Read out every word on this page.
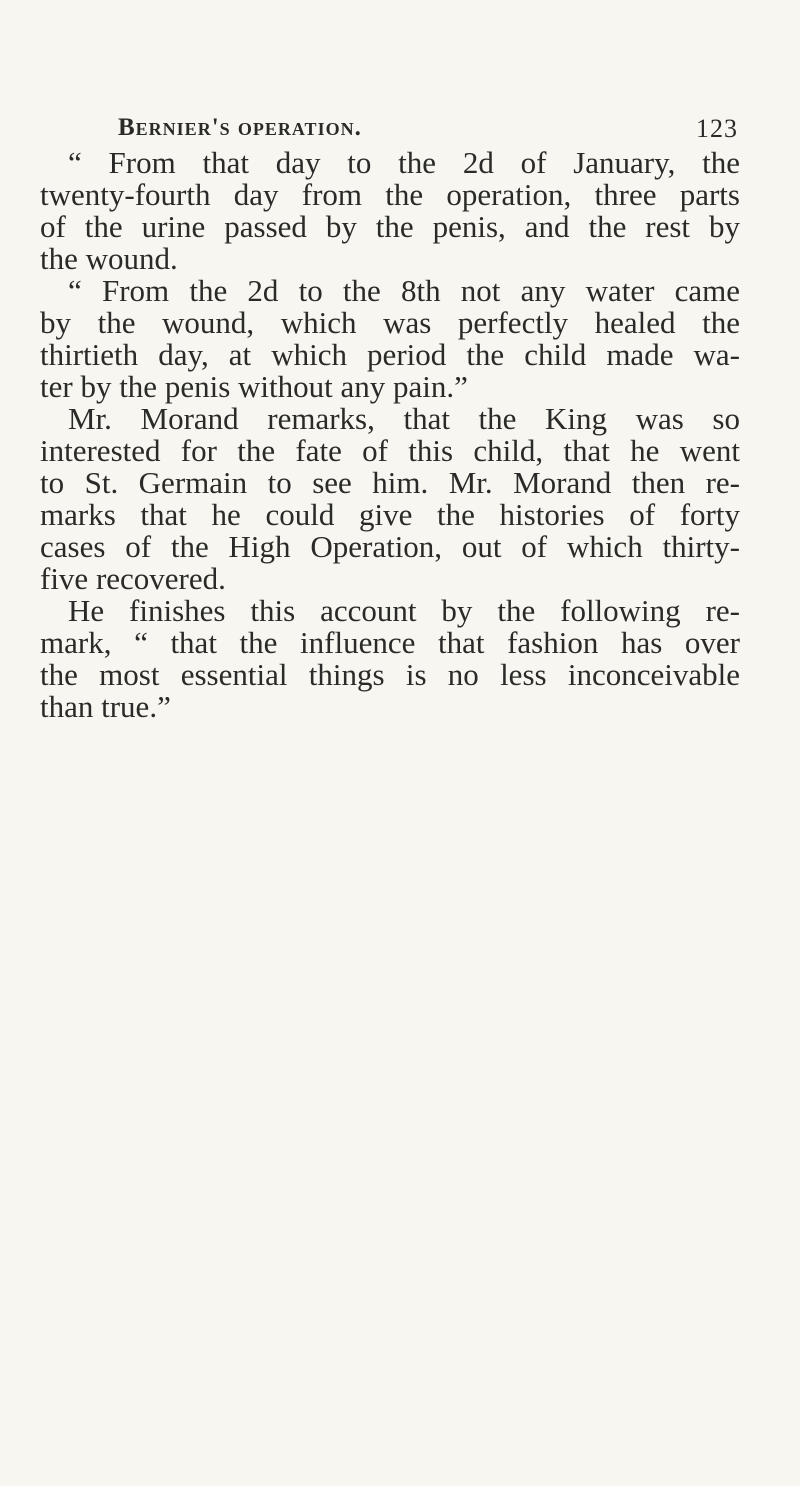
Bernier's operation.	123
“ From that day to the 2d of January, the
twenty-fourth day from the operation, three parts
of the urine passed by the penis, and the rest by
the wound.
“ From the 2d to the 8th not any water came
by the wound, which was perfectly healed the
thirtieth day, at which period the child made wa-
ter by the penis without any pain.”
Mr. Morand remarks, that the King was so
interested for the fate of this child, that he went
to St. Germain to see him. Mr. Morand then re-
marks that he could give the histories of forty
cases of the High Operation, out of which thirty-
five recovered.
He finishes this account by the following re-
mark, “ that the influence that fashion has over
the most essential things is no less inconceivable
than true.”
